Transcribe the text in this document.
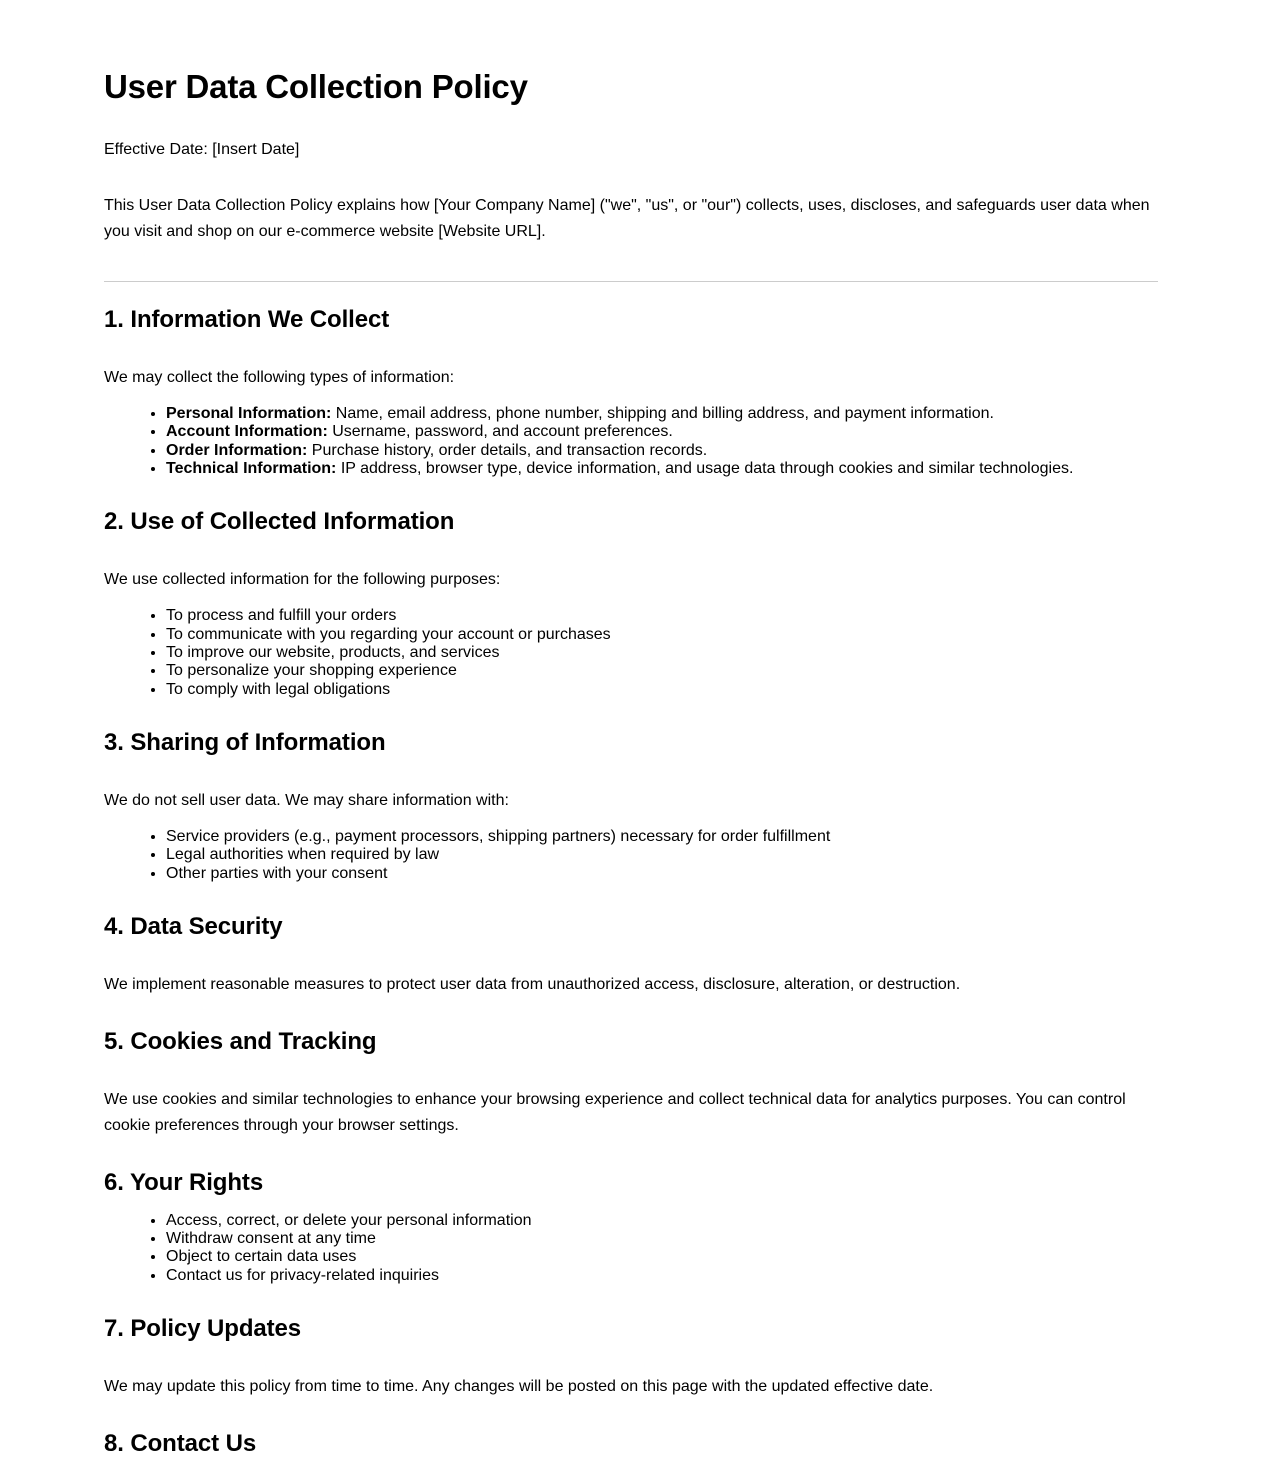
User Data Collection Policy

Effective Date: [Insert Date]

This User Data Collection Policy explains how [Your Company Name] ("we", "us", or "our") collects, uses, discloses, and safeguards user data when you visit and shop on our e-commerce website [Website URL].

1. Information We Collect

We may collect the following types of information:

• Personal Information: Name, email address, phone number, shipping and billing address, and payment information.
• Account Information: Username, password, and account preferences.
• Order Information: Purchase history, order details, and transaction records.
• Technical Information: IP address, browser type, device information, and usage data through cookies and similar technologies.
2. Use of Collected Information

We use collected information for the following purposes:

• To process and fulfill your orders
• To communicate with you regarding your account or purchases
• To improve our website, products, and services
• To personalize your shopping experience
• To comply with legal obligations
3. Sharing of Information

We do not sell user data. We may share information with:

• Service providers (e.g., payment processors, shipping partners) necessary for order fulfillment
• Legal authorities when required by law
• Other parties with your consent
4. Data Security

We implement reasonable measures to protect user data from unauthorized access, disclosure, alteration, or destruction.

5. Cookies and Tracking

We use cookies and similar technologies to enhance your browsing experience and collect technical data for analytics purposes. You can control cookie preferences through your browser settings.

6. Your Rights
• Access, correct, or delete your personal information
• Withdraw consent at any time
• Object to certain data uses
• Contact us for privacy-related inquiries
7. Policy Updates

We may update this policy from time to time. Any changes will be posted on this page with the updated effective date.

8. Contact Us
